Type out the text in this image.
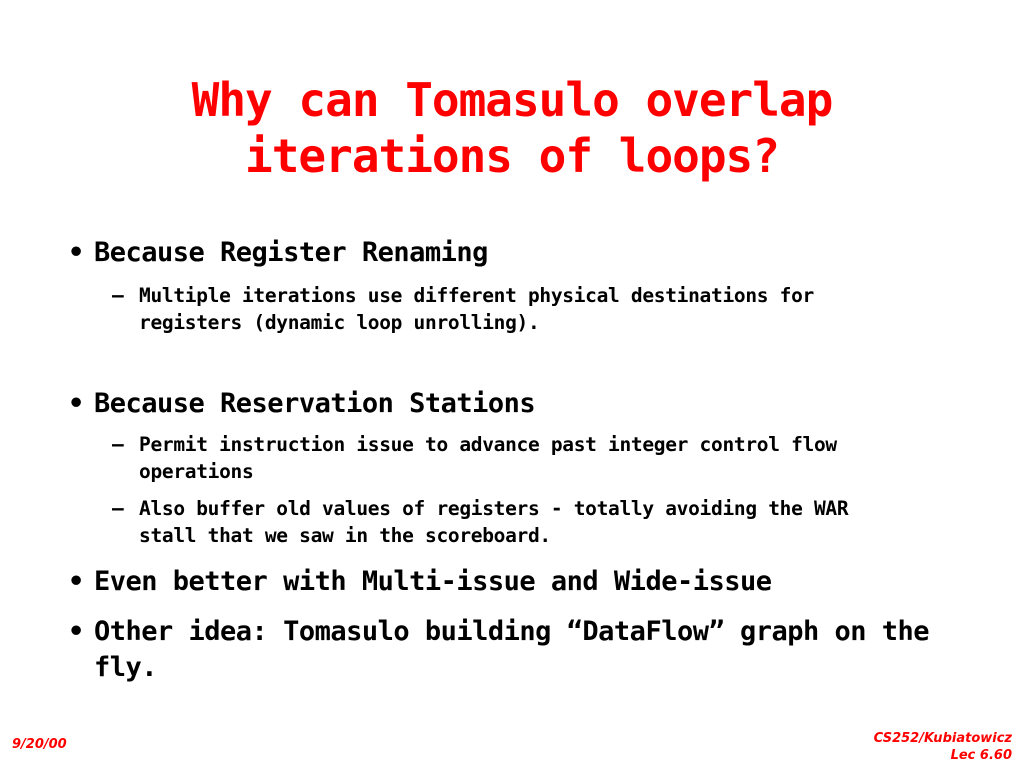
Why can Tomasulo overlap
iterations of loops?
• Because Register Renaming
– Multiple iterations use different physical destinations for registers (dynamic loop unrolling).
• Because Reservation Stations
– Permit instruction issue to advance past integer control flow operations
– Also buffer old values of registers - totally avoiding the WAR stall that we saw in the scoreboard.
• Even better with Multi-issue and Wide-issue
• Other idea: Tomasulo building “DataFlow” graph on the fly.
9/20/00	CS252/Kubiatowicz
Lec 6.60
